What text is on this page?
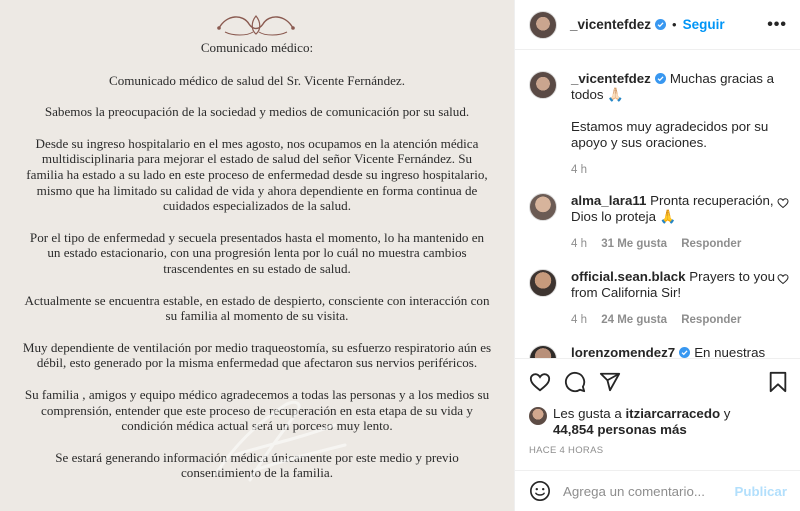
Comunicado médico:

Comunicado médico de salud del Sr. Vicente Fernández.

Sabemos la preocupación de la sociedad y medios de comunicación por su salud.

Desde su ingreso hospitalario en el mes agosto, nos ocupamos en la atención médica multidisciplinaria para mejorar el estado de salud del señor Vicente Fernández. Su familia ha estado a su lado en este proceso de enfermedad desde su ingreso hospitalario, mismo que ha limitado su calidad de vida y ahora dependiente en forma continua de cuidados especializados de la salud.

Por el tipo de enfermedad y secuela presentados hasta el momento, lo ha mantenido en un estado estacionario, con una progresión lenta por lo cuál no muestra cambios trascendentes en su estado de salud.

Actualmente se encuentra estable, en estado de despierto, consciente con interacción con su familia al momento de su visita.

Muy dependiente de ventilación por medio traqueostomía, su esfuerzo respiratorio aún es débil, esto generado por la misma enfermedad que afectaron sus nervios periféricos.

Su familia , amigos y equipo médico agradecemos a todas las personas y a los medios su comprensión, entender que este proceso de recuperación en esta etapa de su vida y condición médica actual será un porceso muy lento.

Se estará generando información médica únicamente por este medio y previo consentimiento de la familia.

_vicentefdez • Seguir	•••
_vicentefdez Muchas gracias a todos 🙏🏻
Estamos muy agradecidos por su apoyo y sus oraciones.
4 h
alma_lara11 Pronta recuperación, Dios lo proteja 🙏
4 h 31 Me gusta Responder
official.sean.black Prayers to you from California Sir!
4 h 24 Me gusta Responder
lorenzomendez7 En nuestras
Les gusta a itziarcarracedo y
44,854 personas más
HACE 4 HORAS
Agrega un comentario...
Publicar
